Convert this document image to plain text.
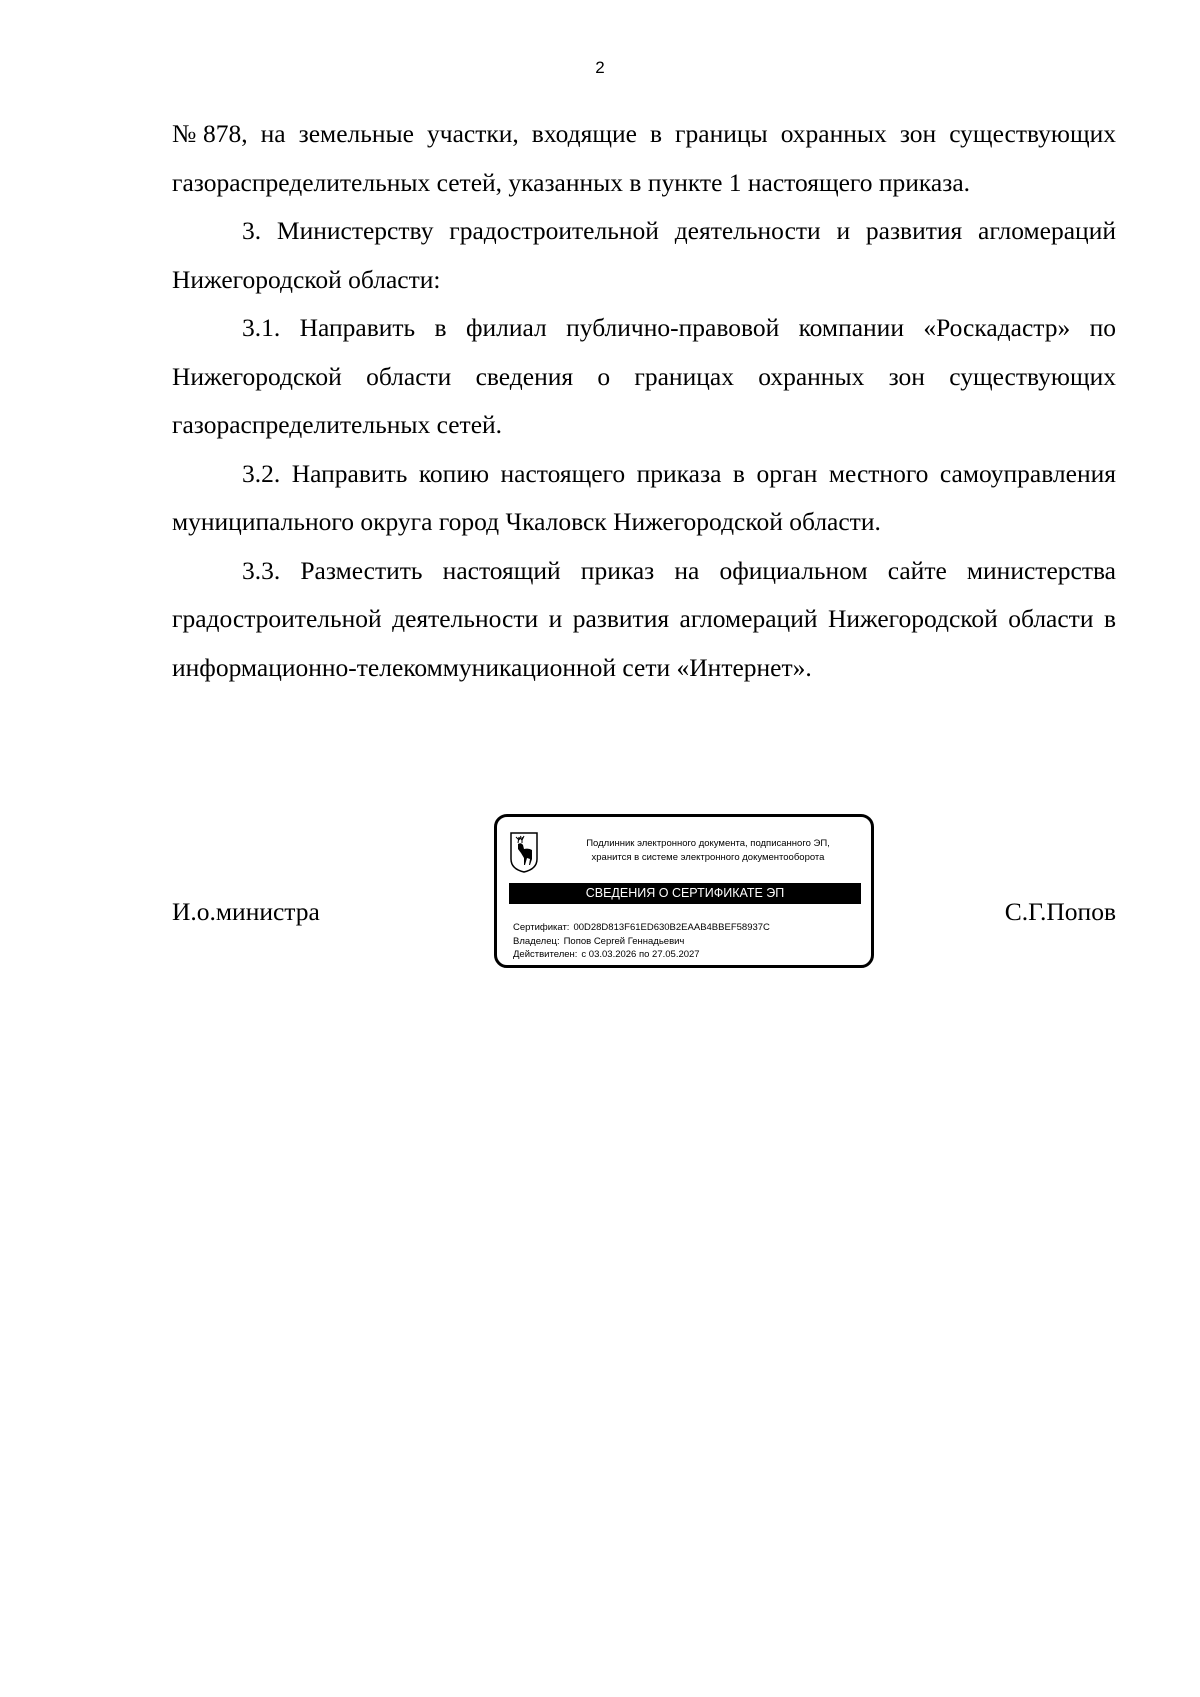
2

№878, на земельные участки, входящие в границы охранных зон существующих газораспределительных сетей, указанных в пункте 1 настоящего приказа.

3. Министерству градостроительной деятельности и развития агломераций Нижегородской области:

3.1. Направить в филиал публично-правовой компании «Роскадастр» по Нижегородской области сведения о границах охранных зон существующих газораспределительных сетей.

3.2. Направить копию настоящего приказа в орган местного самоуправления муниципального округа город Чкаловск Нижегородской области.

3.3. Разместить настоящий приказ на официальном сайте министерства градостроительной деятельности и развития агломераций Нижегородской области в информационно-телекоммуникационной сети «Интернет».

И.о.министра
Подлинник электронного документа, подписанного ЭП,
хранится в системе электронного документооборота
СВЕДЕНИЯ О СЕРТИФИКАТЕ ЭП
Сертификат: 00D28D813F61ED630B2EAAB4BBEF58937C
Владелец: Попов Сергей Геннадьевич
Действителен: с 03.03.2026 по 27.05.2027
С.Г.Попов
